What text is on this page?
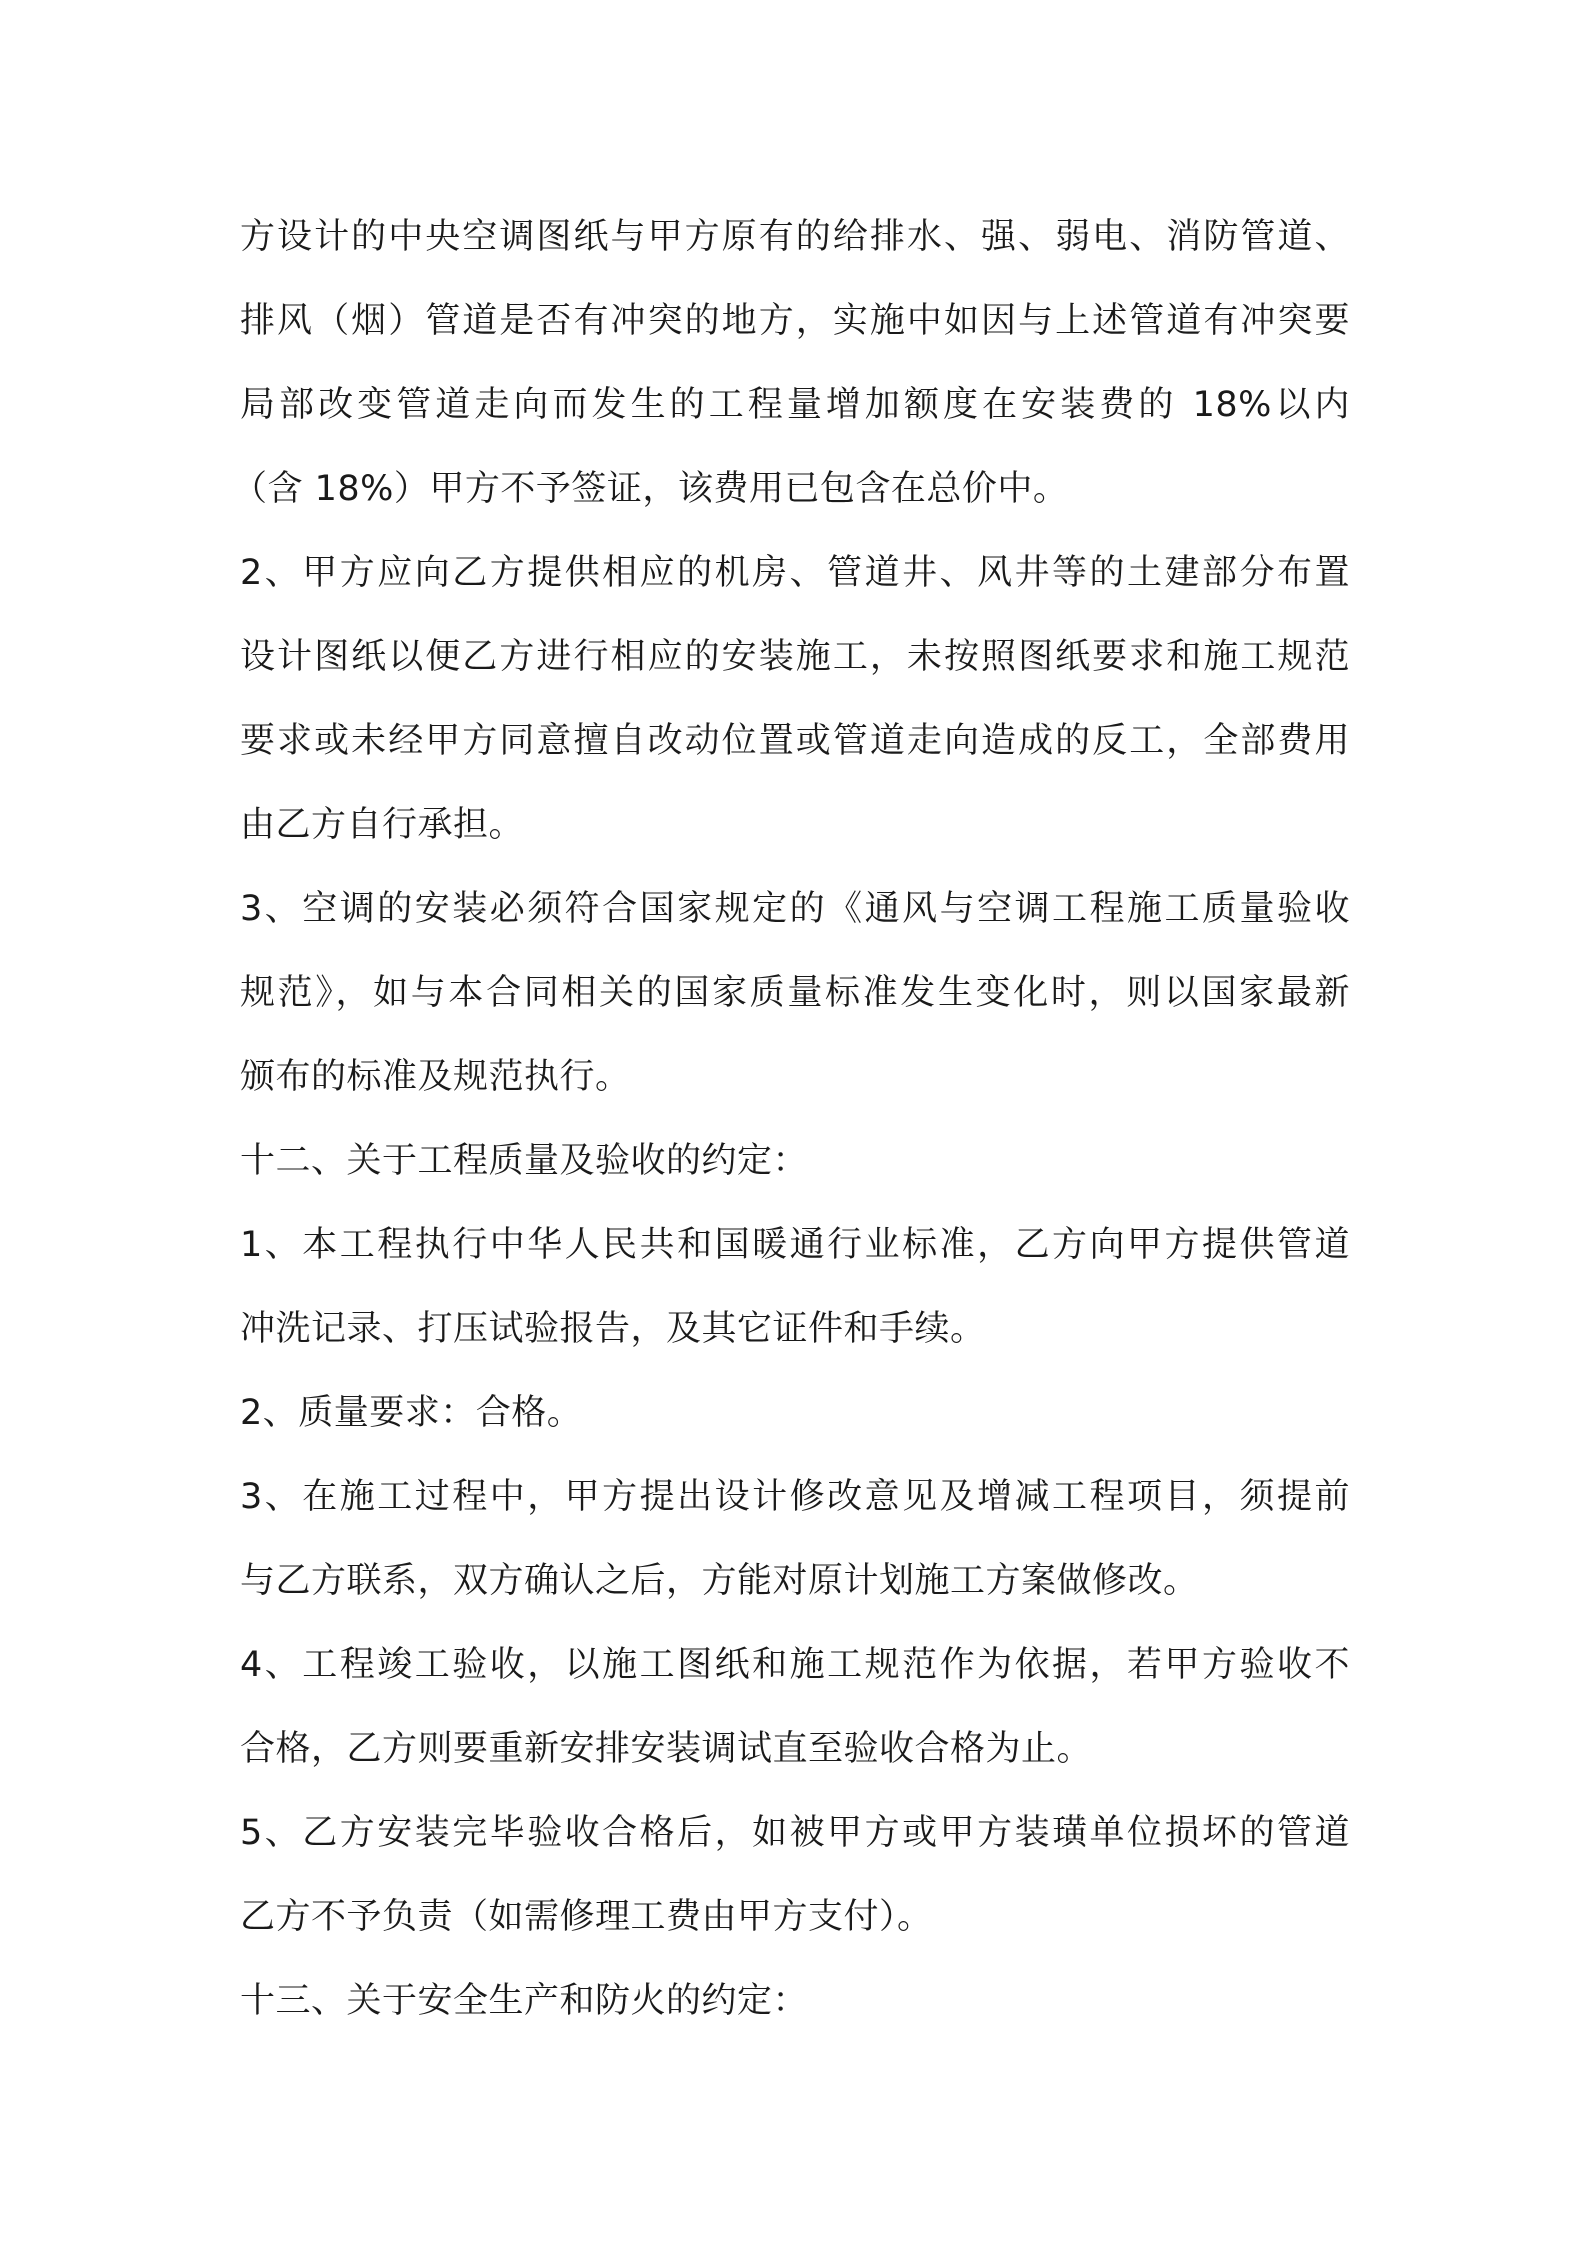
方设计的中央空调图纸与甲方原有的给排水、强、弱电、消防管道、
排风（烟）管道是否有冲突的地方，实施中如因与上述管道有冲突要
局部改变管道走向而发生的工程量增加额度在安装费的 18%以内
（含 18%）甲方不予签证，该费用已包含在总价中。
2、甲方应向乙方提供相应的机房、管道井、风井等的土建部分布置
设计图纸以便乙方进行相应的安装施工，未按照图纸要求和施工规范
要求或未经甲方同意擅自改动位置或管道走向造成的反工，全部费用
由乙方自行承担。
3、空调的安装必须符合国家规定的《通风与空调工程施工质量验收
规范》，如与本合同相关的国家质量标准发生变化时，则以国家最新
颁布的标准及规范执行。
十二、关于工程质量及验收的约定：
1、本工程执行中华人民共和国暖通行业标准，乙方向甲方提供管道
冲洗记录、打压试验报告，及其它证件和手续。
2、质量要求：合格。
3、在施工过程中，甲方提出设计修改意见及增减工程项目，须提前
与乙方联系，双方确认之后，方能对原计划施工方案做修改。
4、工程竣工验收，以施工图纸和施工规范作为依据，若甲方验收不
合格，乙方则要重新安排安装调试直至验收合格为止。
5、乙方安装完毕验收合格后，如被甲方或甲方装璜单位损坏的管道
乙方不予负责（如需修理工费由甲方支付）。
十三、关于安全生产和防火的约定：
